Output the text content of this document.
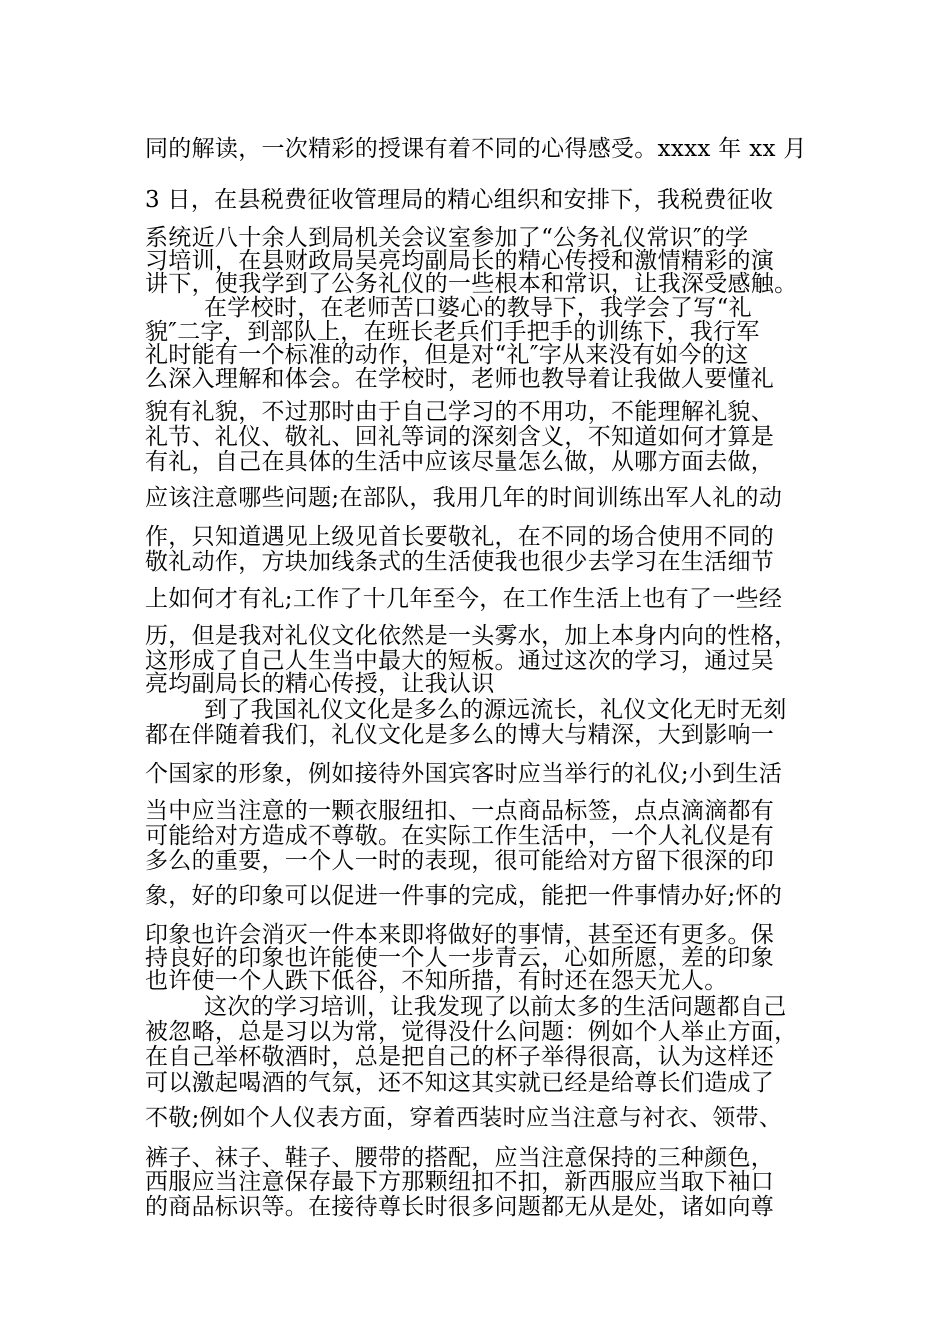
同的解读，一次精彩的授课有着不同的心得感受。xxxx 年 xx 月
3 日，在县税费征收管理局的精心组织和安排下，我税费征收
系统近八十余人到局机关会议室参加了“公务礼仪常识″的学
习培训，在县财政局吴亮均副局长的精心传授和激情精彩的演
讲下，使我学到了公务礼仪的一些根本和常识，让我深受感触。
在学校时，在老师苦口婆心的教导下，我学会了写“礼
貌″二字，到部队上，在班长老兵们手把手的训练下，我行军
礼时能有一个标准的动作，但是对“礼″字从来没有如今的这
么深入理解和体会。在学校时，老师也教导着让我做人要懂礼
貌有礼貌，不过那时由于自己学习的不用功，不能理解礼貌、
礼节、礼仪、敬礼、回礼等词的深刻含义，不知道如何才算是
有礼，自己在具体的生活中应该尽量怎么做，从哪方面去做，
应该注意哪些问题;在部队，我用几年的时间训练出军人礼的动
作，只知道遇见上级见首长要敬礼，在不同的场合使用不同的
敬礼动作，方块加线条式的生活使我也很少去学习在生活细节
上如何才有礼;工作了十几年至今，在工作生活上也有了一些经
历，但是我对礼仪文化依然是一头雾水，加上本身内向的性格，
这形成了自己人生当中最大的短板。通过这次的学习，通过吴
亮均副局长的精心传授，让我认识
到了我国礼仪文化是多么的源远流长，礼仪文化无时无刻
都在伴随着我们，礼仪文化是多么的博大与精深，大到影响一
个国家的形象，例如接待外国宾客时应当举行的礼仪;小到生活
当中应当注意的一颗衣服纽扣、一点商品标签，点点滴滴都有
可能给对方造成不尊敬。在实际工作生活中，一个人礼仪是有
多么的重要，一个人一时的表现，很可能给对方留下很深的印
象，好的印象可以促进一件事的完成，能把一件事情办好;怀的
印象也许会消灭一件本来即将做好的事情，甚至还有更多。保
持良好的印象也许能使一个人一步青云，心如所愿，差的印象
也许使一个人跌下低谷，不知所措，有时还在怨天尤人。
这次的学习培训，让我发现了以前太多的生活问题都自己
被忽略，总是习以为常，觉得没什么问题：例如个人举止方面，
在自己举杯敬酒时，总是把自己的杯子举得很高，认为这样还
可以激起喝酒的气氛，还不知这其实就已经是给尊长们造成了
不敬;例如个人仪表方面，穿着西装时应当注意与衬衣、领带、
裤子、袜子、鞋子、腰带的搭配，应当注意保持的三种颜色，
西服应当注意保存最下方那颗纽扣不扣，新西服应当取下袖口
的商品标识等。在接待尊长时很多问题都无从是处，诸如向尊
